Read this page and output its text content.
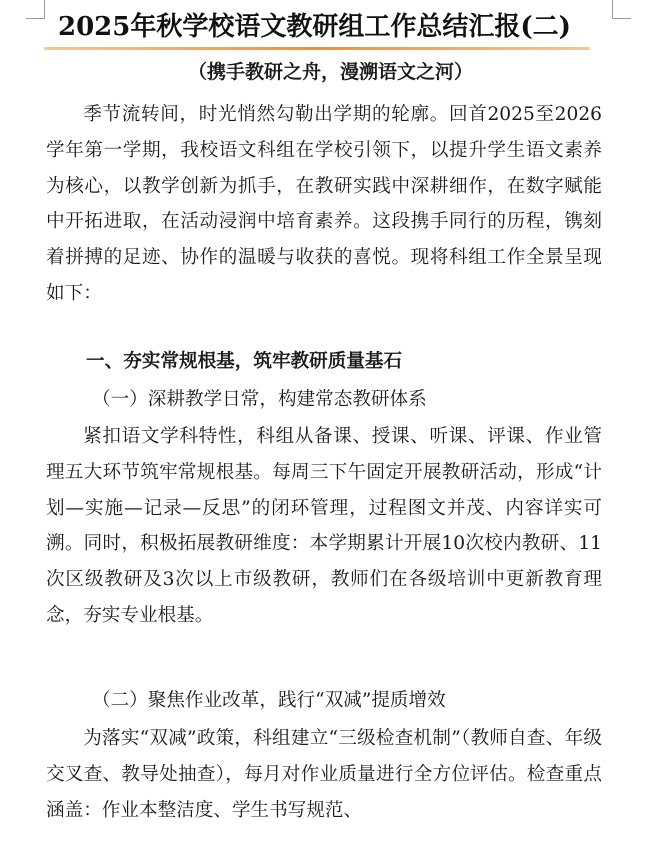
2025年秋学校语文教研组工作总结汇报(二)
（携手教研之舟，漫溯语文之河）

季节流转间，时光悄然勾勒出学期的轮廓。回首2025至2026学年第一学期，我校语文科组在学校引领下，以提升学生语文素养为核心，以教学创新为抓手，在教研实践中深耕细作，在数字赋能中开拓进取，在活动浸润中培育素养。这段携手同行的历程，镌刻着拼搏的足迹、协作的温暖与收获的喜悦。现将科组工作全景呈现如下：

一、夯实常规根基，筑牢教研质量基石
（一）深耕教学日常，构建常态教研体系

紧扣语文学科特性，科组从备课、授课、听课、评课、作业管理五大环节筑牢常规根基。每周三下午固定开展教研活动，形成“计划—实施—记录—反思”的闭环管理，过程图文并茂、内容详实可溯。同时，积极拓展教研维度：本学期累计开展10次校内教研、11次区级教研及3次以上市级教研，教师们在各级培训中更新教育理念，夯实专业根基。

（二）聚焦作业改革，践行“双减”提质增效

为落实“双减”政策，科组建立“三级检查机制”（教师自查、年级交叉查、教导处抽查），每月对作业质量进行全方位评估。检查重点涵盖：作业本整洁度、学生书写规范、
